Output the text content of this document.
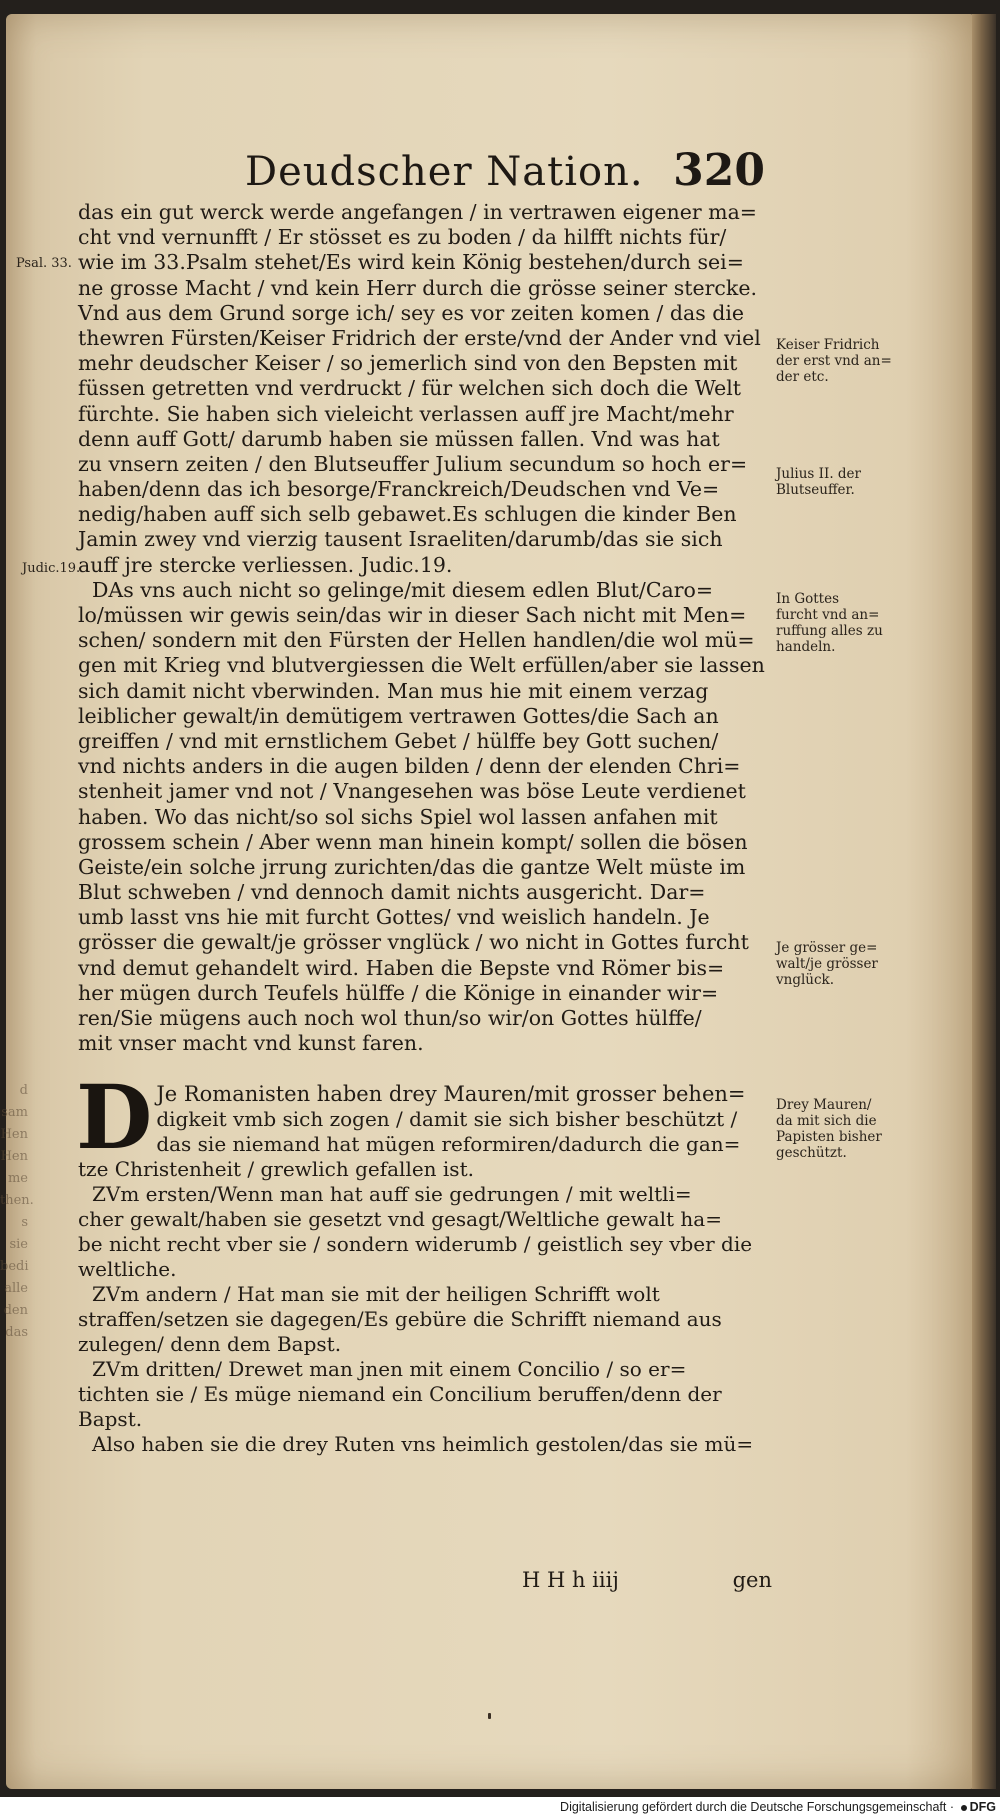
d
sam
Hen
Hen
me
then.
s sie
bedi
alle
den
das
Deudscher Nation. 320
das ein gut werck werde angefangen / in vertrawen eigener ma=
cht vnd vernunfft / Er stösset es zu boden / da hilfft nichts für/
wie im 33.Psalm stehet/Es wird kein König bestehen/durch sei=
ne grosse Macht / vnd kein Herr durch die grösse seiner stercke.
Vnd aus dem Grund sorge ich/ sey es vor zeiten komen / das die
thewren Fürsten/Keiser Fridrich der erste/vnd der Ander vnd viel
mehr deudscher Keiser / so jemerlich sind von den Bepsten mit
füssen getretten vnd verdruckt / für welchen sich doch die Welt
fürchte. Sie haben sich vieleicht verlassen auff jre Macht/mehr
denn auff Gott/ darumb haben sie müssen fallen. Vnd was hat
zu vnsern zeiten / den Blutseuffer Julium secundum so hoch er=
haben/denn das ich besorge/Franckreich/Deudschen vnd Ve=
nedig/haben auff sich selb gebawet.Es schlugen die kinder Ben
Jamin zwey vnd vierzig tausent Israeliten/darumb/das sie sich
auff jre stercke verliessen. Judic.19.
DAs vns auch nicht so gelinge/mit diesem edlen Blut/Caro=
lo/müssen wir gewis sein/das wir in dieser Sach nicht mit Men=
schen/ sondern mit den Fürsten der Hellen handlen/die wol mü=
gen mit Krieg vnd blutvergiessen die Welt erfüllen/aber sie lassen
sich damit nicht vberwinden. Man mus hie mit einem verzag
leiblicher gewalt/in demütigem vertrawen Gottes/die Sach an
greiffen / vnd mit ernstlichem Gebet / hülffe bey Gott suchen/
vnd nichts anders in die augen bilden / denn der elenden Chri=
stenheit jamer vnd not / Vnangesehen was böse Leute verdienet
haben. Wo das nicht/so sol sichs Spiel wol lassen anfahen mit
grossem schein / Aber wenn man hinein kompt/ sollen die bösen
Geiste/ein solche jrrung zurichten/das die gantze Welt müste im
Blut schweben / vnd dennoch damit nichts ausgericht. Dar=
umb lasst vns hie mit furcht Gottes/ vnd weislich handeln. Je
grösser die gewalt/je grösser vnglück / wo nicht in Gottes furcht
vnd demut gehandelt wird. Haben die Bepste vnd Römer bis=
her mügen durch Teufels hülffe / die Könige in einander wir=
ren/Sie mügens auch noch wol thun/so wir/on Gottes hülffe/
mit vnser macht vnd kunst faren.
D Je Romanisten haben drey Mauren/mit grosser behen=
digkeit vmb sich zogen / damit sie sich bisher beschützt /
das sie niemand hat mügen reformiren/dadurch die gan=
tze Christenheit / grewlich gefallen ist.
ZVm ersten/Wenn man hat auff sie gedrungen / mit weltli=
cher gewalt/haben sie gesetzt vnd gesagt/Weltliche gewalt ha=
be nicht recht vber sie / sondern widerumb / geistlich sey vber die
weltliche.
ZVm andern / Hat man sie mit der heiligen Schrifft wolt
straffen/setzen sie dagegen/Es gebüre die Schrifft niemand aus
zulegen/ denn dem Bapst.
ZVm dritten/ Drewet man jnen mit einem Concilio / so er=
tichten sie / Es müge niemand ein Concilium beruffen/denn der
Bapst.
Also haben sie die drey Ruten vns heimlich gestolen/das sie mü=
H H h iiij	gen
Psal. 33.
Judic.19.
Keiser Fridrich
der erst vnd an=
der etc.
Julius II. der
Blutseuffer.
In Gottes
furcht vnd an=
ruffung alles zu
handeln.
Je grösser ge=
walt/je grösser
vnglück.
Drey Mauren/
da mit sich die
Papisten bisher
geschützt.
Digitalisierung gefördert durch die Deutsche Forschungsgemeinschaft ·	DFG
